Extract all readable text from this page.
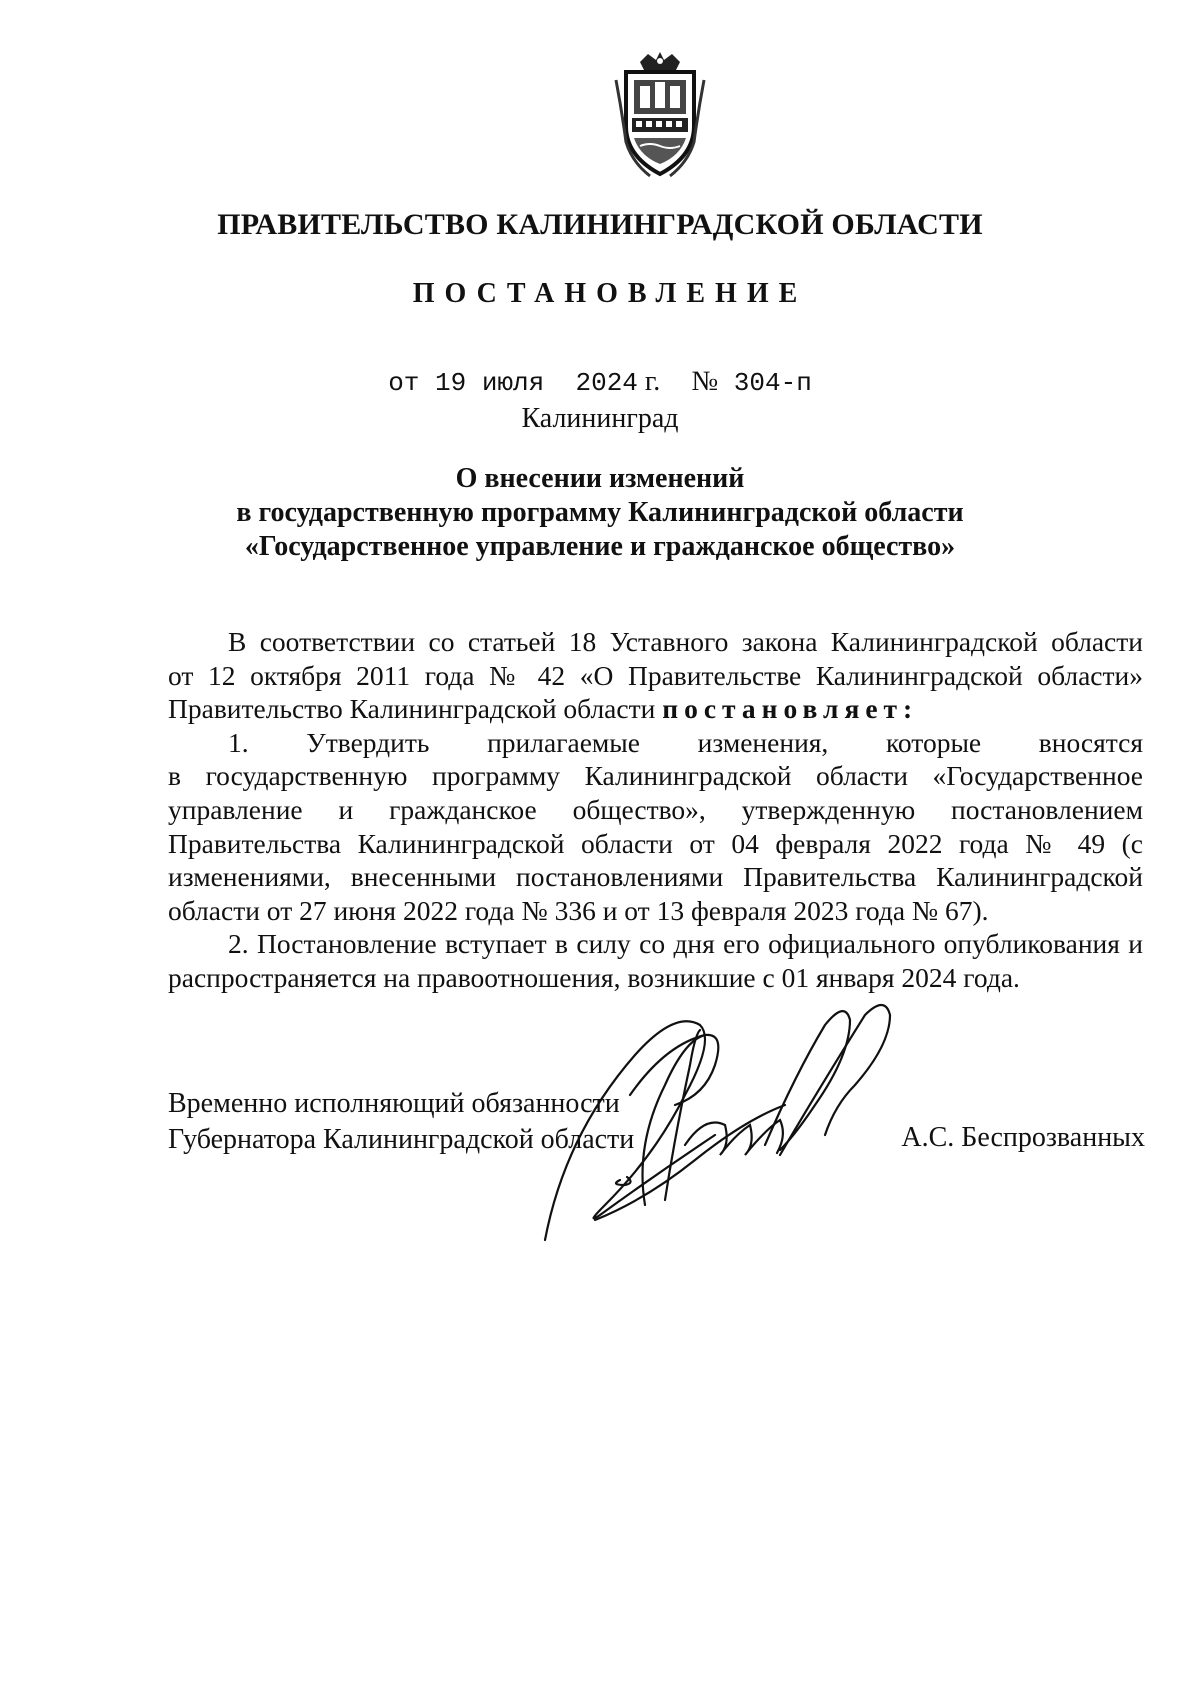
ПРАВИТЕЛЬСТВО КАЛИНИНГРАДСКОЙ ОБЛАСТИ
ПОСТАНОВЛЕНИЕ
от 19 июля 2024 г. № 304-п
Калининград
О внесении изменений
в государственную программу Калининградской области
«Государственное управление и гражданское общество»

В соответствии со статьей 18 Уставного закона Калининградской области

от 12 октября 2011 года № 42 «О Правительстве Калининградской области»

Правительство Калининградской области постановляет:

1. Утвердить прилагаемые изменения, которые вносятся

в государственную программу Калининградской области «Государственное управление и гражданское общество», утвержденную постановлением Правительства Калининградской области от 04 февраля 2022 года № 49 (с изменениями, внесенными постановлениями Правительства Калининградской области от 27 июня 2022 года № 336 и от 13 февраля 2023 года № 67).

2. Постановление вступает в силу со дня его официального опубликования и распространяется на правоотношения, возникшие с 01 января 2024 года.

Временно исполняющий обязанности
Губернатора Калининградской области	А.С. Беспрозванных
